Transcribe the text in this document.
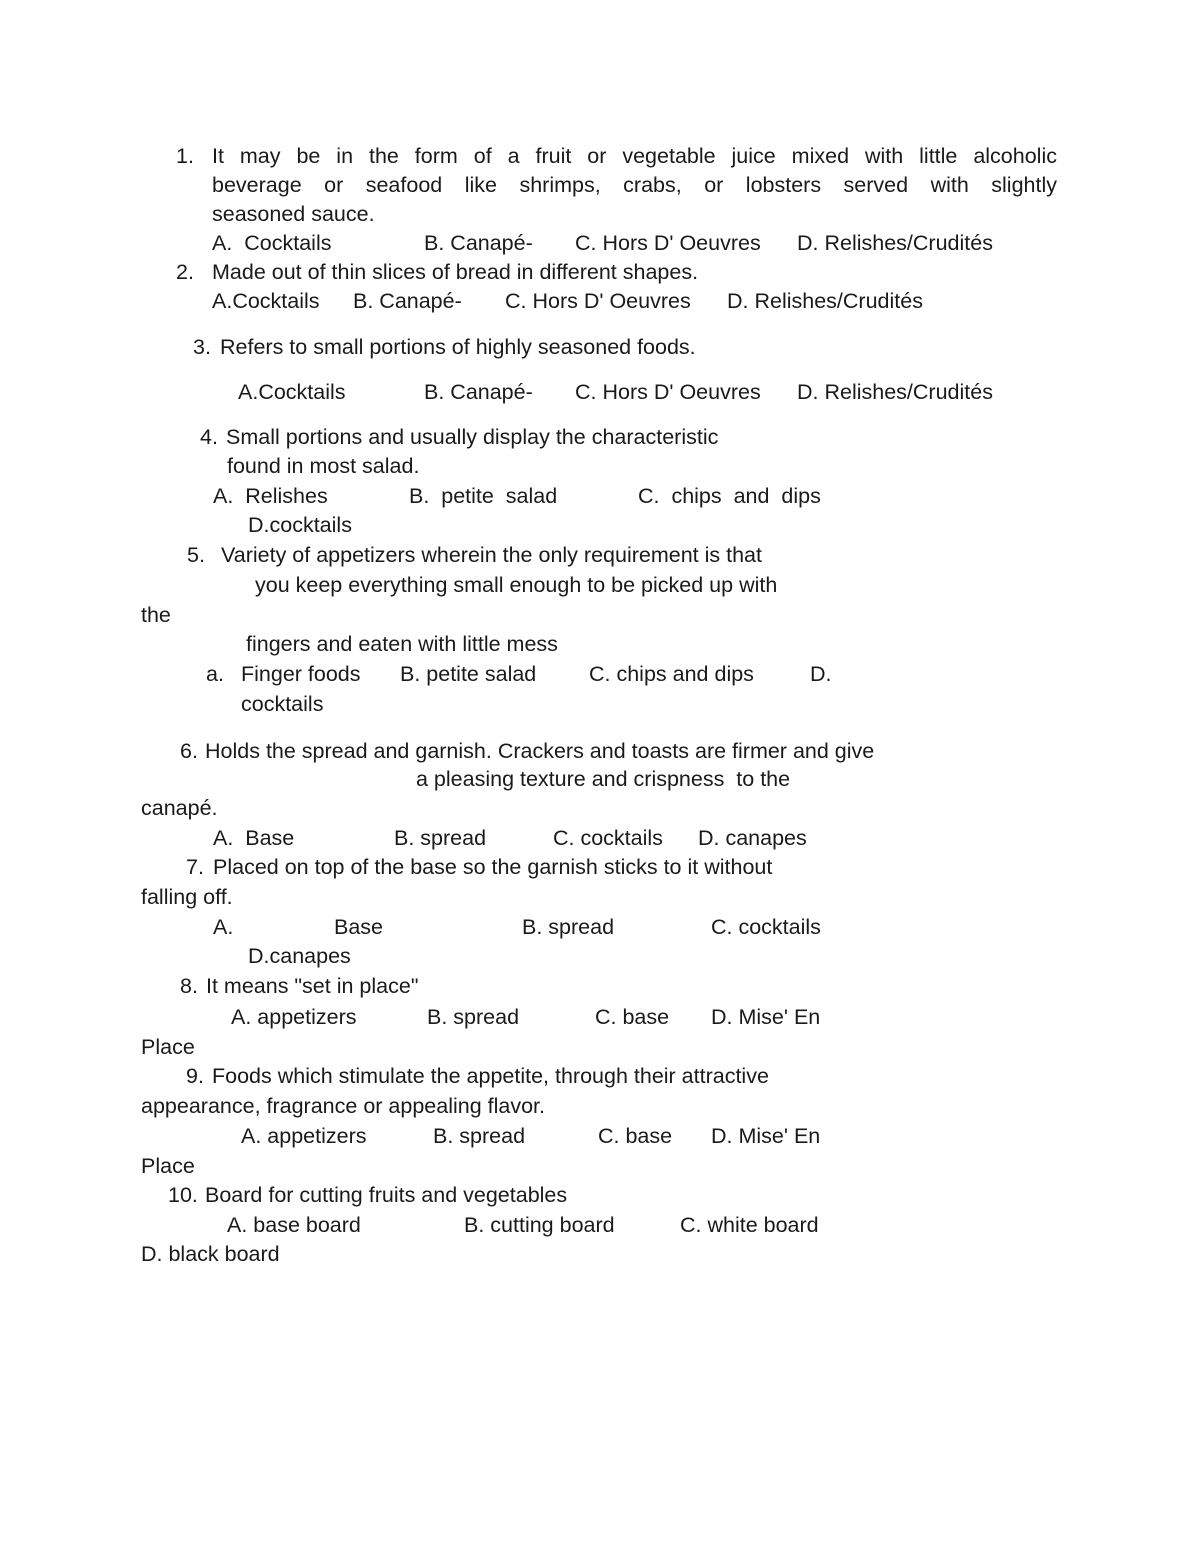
1. It may be in the form of a fruit or vegetable juice mixed with little alcoholic
beverage or seafood like shrimps, crabs, or lobsters served with slightly
seasoned sauce.
A.  Cocktails	B. Canapé- C. Hors D' Oeuvres D. Relishes/Crudités
2. Made out of thin slices of bread in different shapes.
A.Cocktails B. Canapé- C. Hors D' Oeuvres D. Relishes/Crudités
3. Refers to small portions of highly seasoned foods.
A.Cocktails	B. Canapé- C. Hors D' Oeuvres D. Relishes/Crudités
4. Small portions and usually display the characteristic
found in most salad.
A.  Relishes	B.  petite  salad	C.  chips  and  dips
D.cocktails
5. Variety of appetizers wherein the only requirement is that
you keep everything small enough to be picked up with
the
fingers and eaten with little mess
a. Finger foods B. petite salad C. chips and dips	D.
cocktails
6. Holds the spread and garnish. Crackers and toasts are firmer and give
a pleasing texture and crispness  to the
canapé.
A.  Base	B. spread	C. cocktails D. canapes
7. Placed on top of the base so the garnish sticks to it without
falling off.
A.	Base	B. spread	C. cocktails
D.canapes
8. It means "set in place"
A. appetizers	B. spread	C. base D. Mise' En
Place
9. Foods which stimulate the appetite, through their attractive
appearance, fragrance or appealing flavor.
A. appetizers	B. spread	C. base D. Mise' En
Place
10. Board for cutting fruits and vegetables
A. base board	B. cutting board	C. white board
D. black board
